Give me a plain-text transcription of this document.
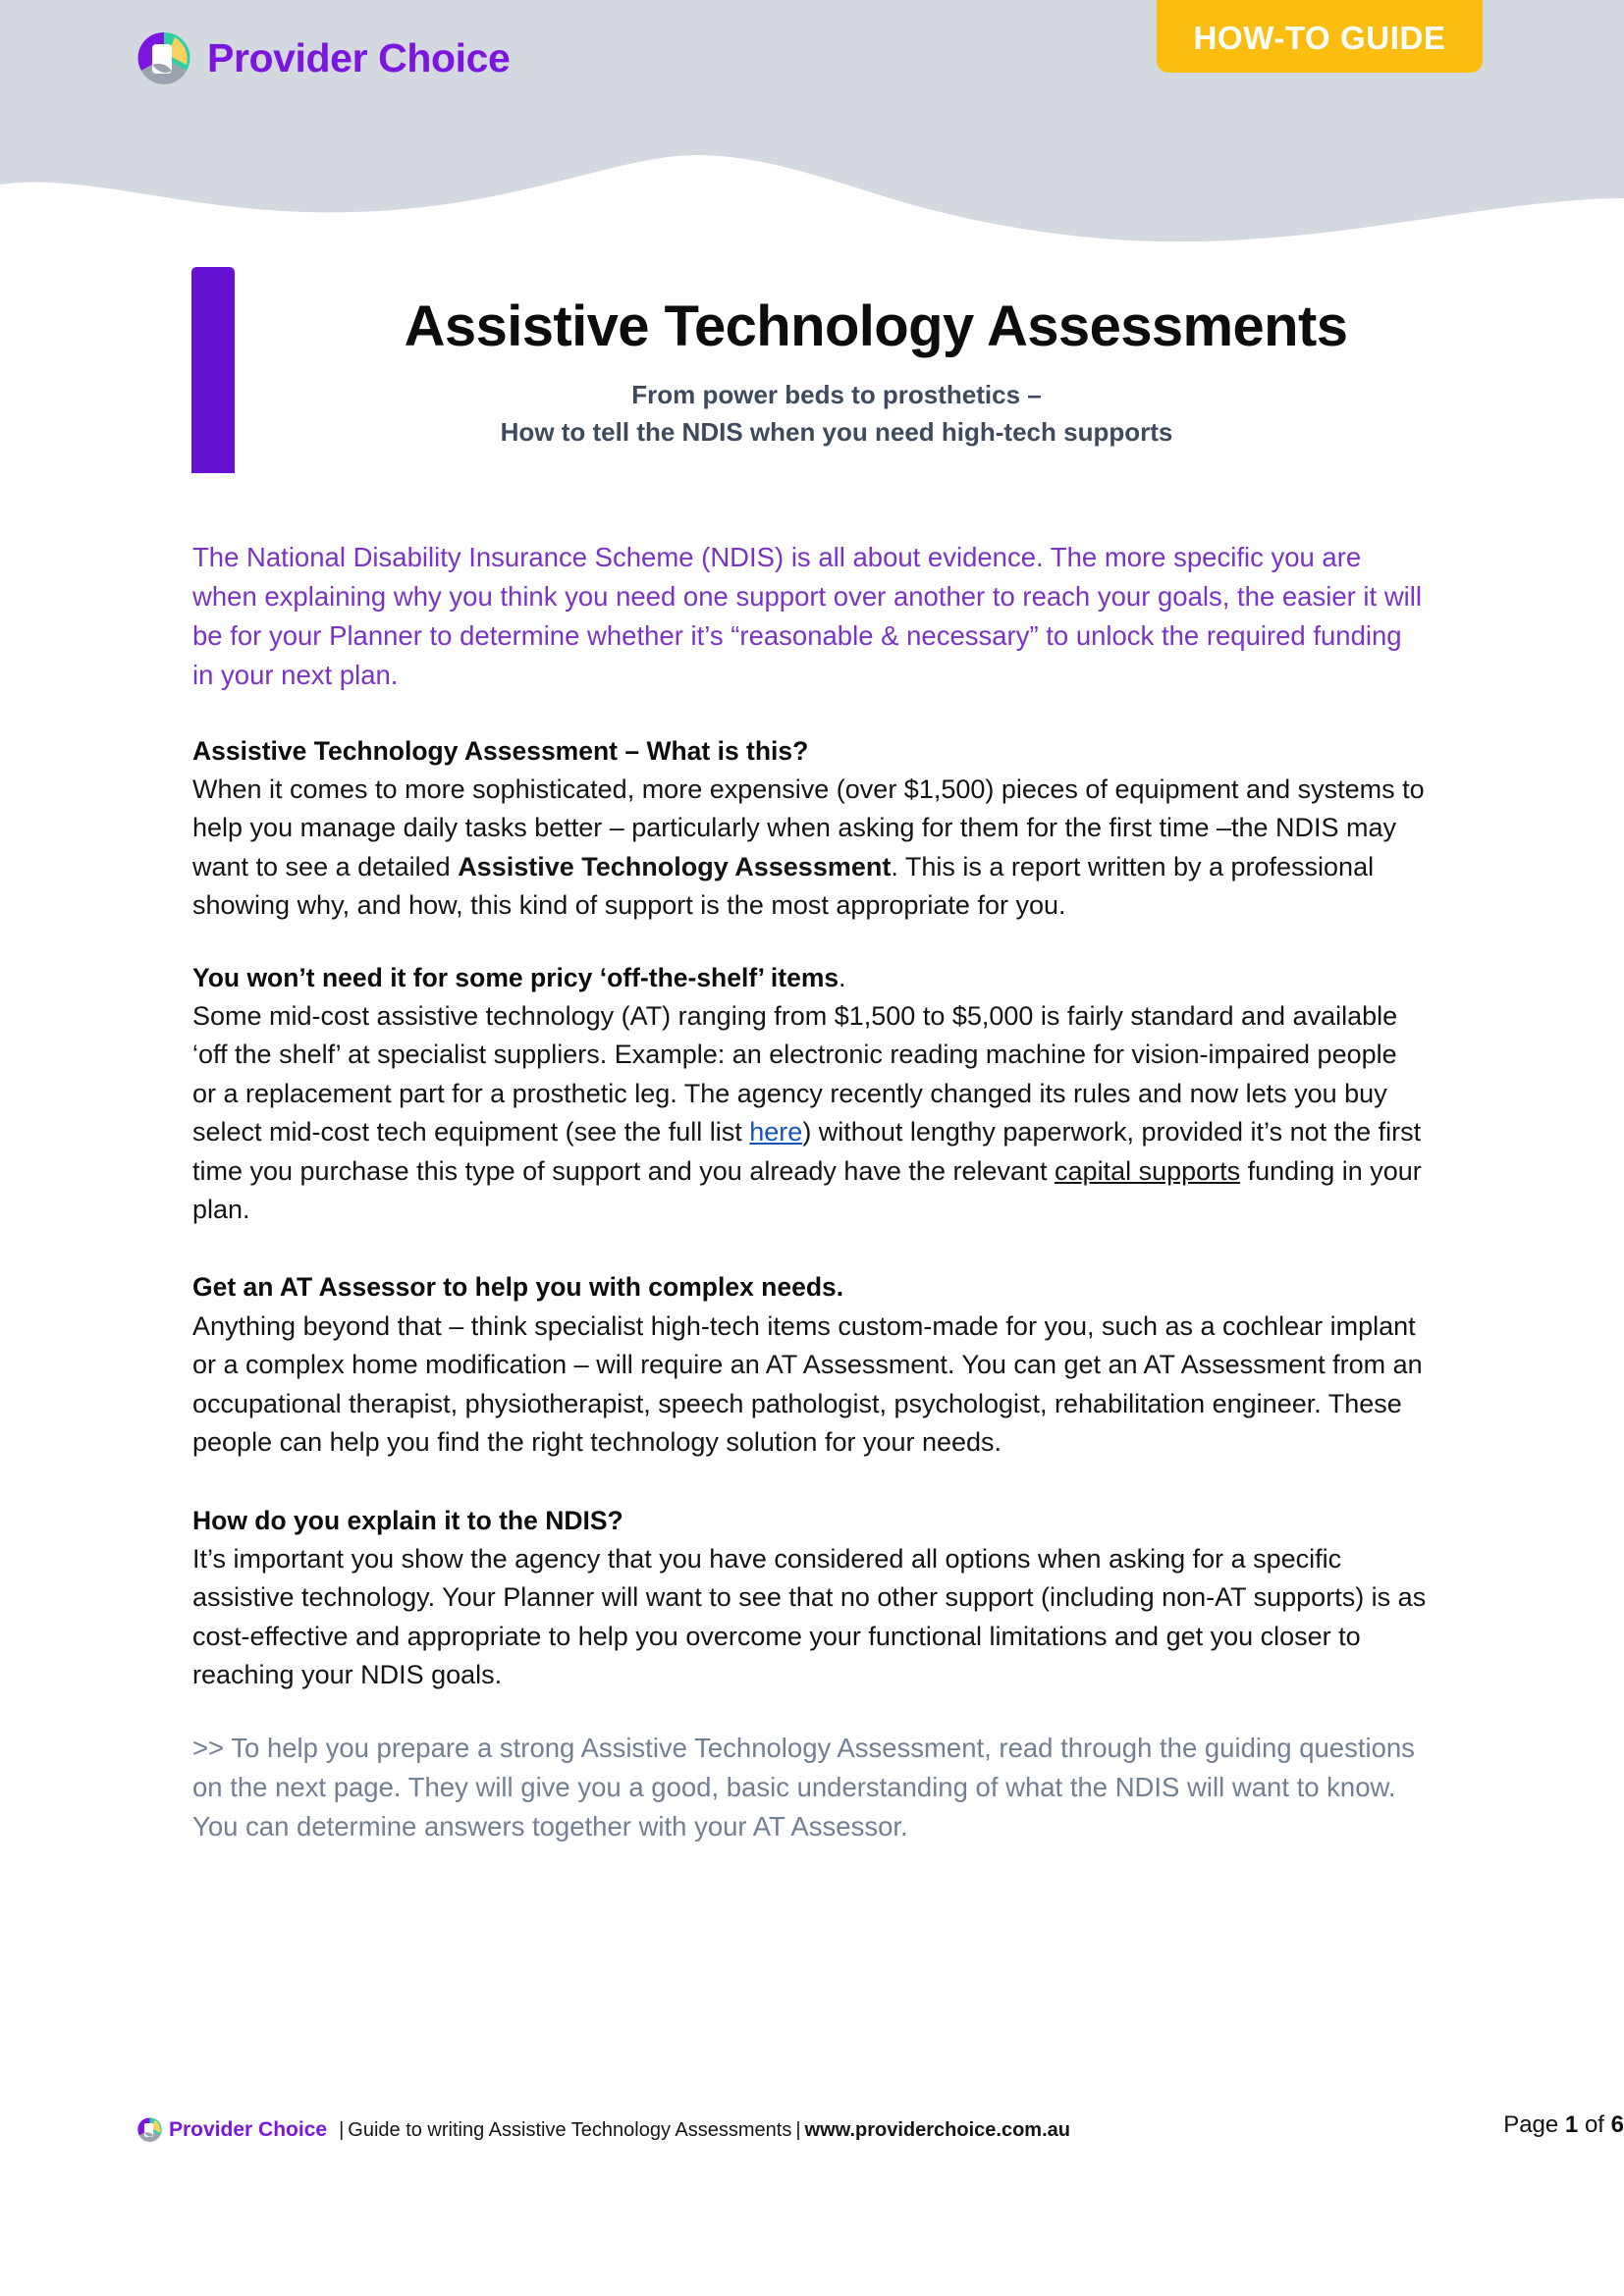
Provider Choice	HOW-TO GUIDE
Assistive Technology Assessments
From power beds to prosthetics –
How to tell the NDIS when you need high-tech supports

The National Disability Insurance Scheme (NDIS) is all about evidence. The more specific you are when explaining why you think you need one support over another to reach your goals, the easier it will be for your Planner to determine whether it’s “reasonable & necessary” to unlock the required funding in your next plan.

Assistive Technology Assessment – What is this?
When it comes to more sophisticated, more expensive (over $1,500) pieces of equipment and systems to help you manage daily tasks better – particularly when asking for them for the first time –the NDIS may want to see a detailed Assistive Technology Assessment. This is a report written by a professional showing why, and how, this kind of support is the most appropriate for you.
You won’t need it for some pricy ‘off-the-shelf’ items.
Some mid-cost assistive technology (AT) ranging from $1,500 to $5,000 is fairly standard and available ‘off the shelf’ at specialist suppliers. Example: an electronic reading machine for vision-impaired people or a replacement part for a prosthetic leg. The agency recently changed its rules and now lets you buy select mid-cost tech equipment (see the full list here) without lengthy paperwork, provided it’s not the first time you purchase this type of support and you already have the relevant capital supports funding in your plan.
Get an AT Assessor to help you with complex needs.
Anything beyond that – think specialist high-tech items custom-made for you, such as a cochlear implant or a complex home modification – will require an AT Assessment. You can get an AT Assessment from an occupational therapist, physiotherapist, speech pathologist, psychologist, rehabilitation engineer. These people can help you find the right technology solution for your needs.
How do you explain it to the NDIS?
It’s important you show the agency that you have considered all options when asking for a specific assistive technology. Your Planner will want to see that no other support (including non-AT supports) is as cost-effective and appropriate to help you overcome your functional limitations and get you closer to reaching your NDIS goals.

>> To help you prepare a strong Assistive Technology Assessment, read through the guiding questions on the next page. They will give you a good, basic understanding of what the NDIS will want to know. You can determine answers together with your AT Assessor.

Provider Choice | Guide to writing Assistive Technology Assessments | www.providerchoice.com.au	Page 1 of 6
